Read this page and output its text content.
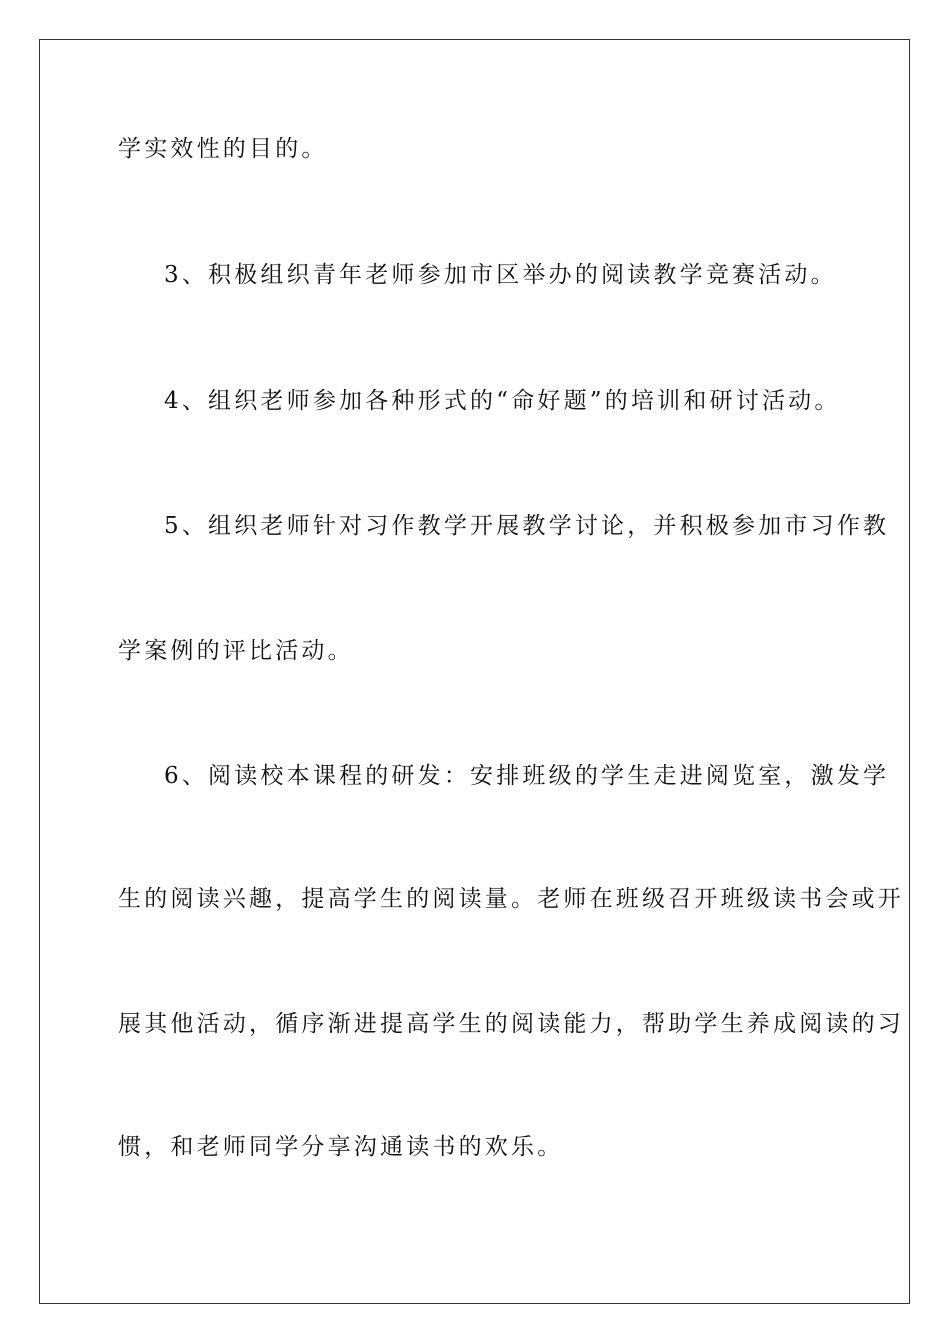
学实效性的目的。
3、积极组织青年老师参加市区举办的阅读教学竞赛活动。
4、组织老师参加各种形式的“命好题”的培训和研讨活动。
5、组织老师针对习作教学开展教学讨论，并积极参加市习作教
学案例的评比活动。
6、阅读校本课程的研发：安排班级的学生走进阅览室，激发学
生的阅读兴趣，提高学生的阅读量。老师在班级召开班级读书会或开
展其他活动，循序渐进提高学生的阅读能力，帮助学生养成阅读的习
惯，和老师同学分享沟通读书的欢乐。
